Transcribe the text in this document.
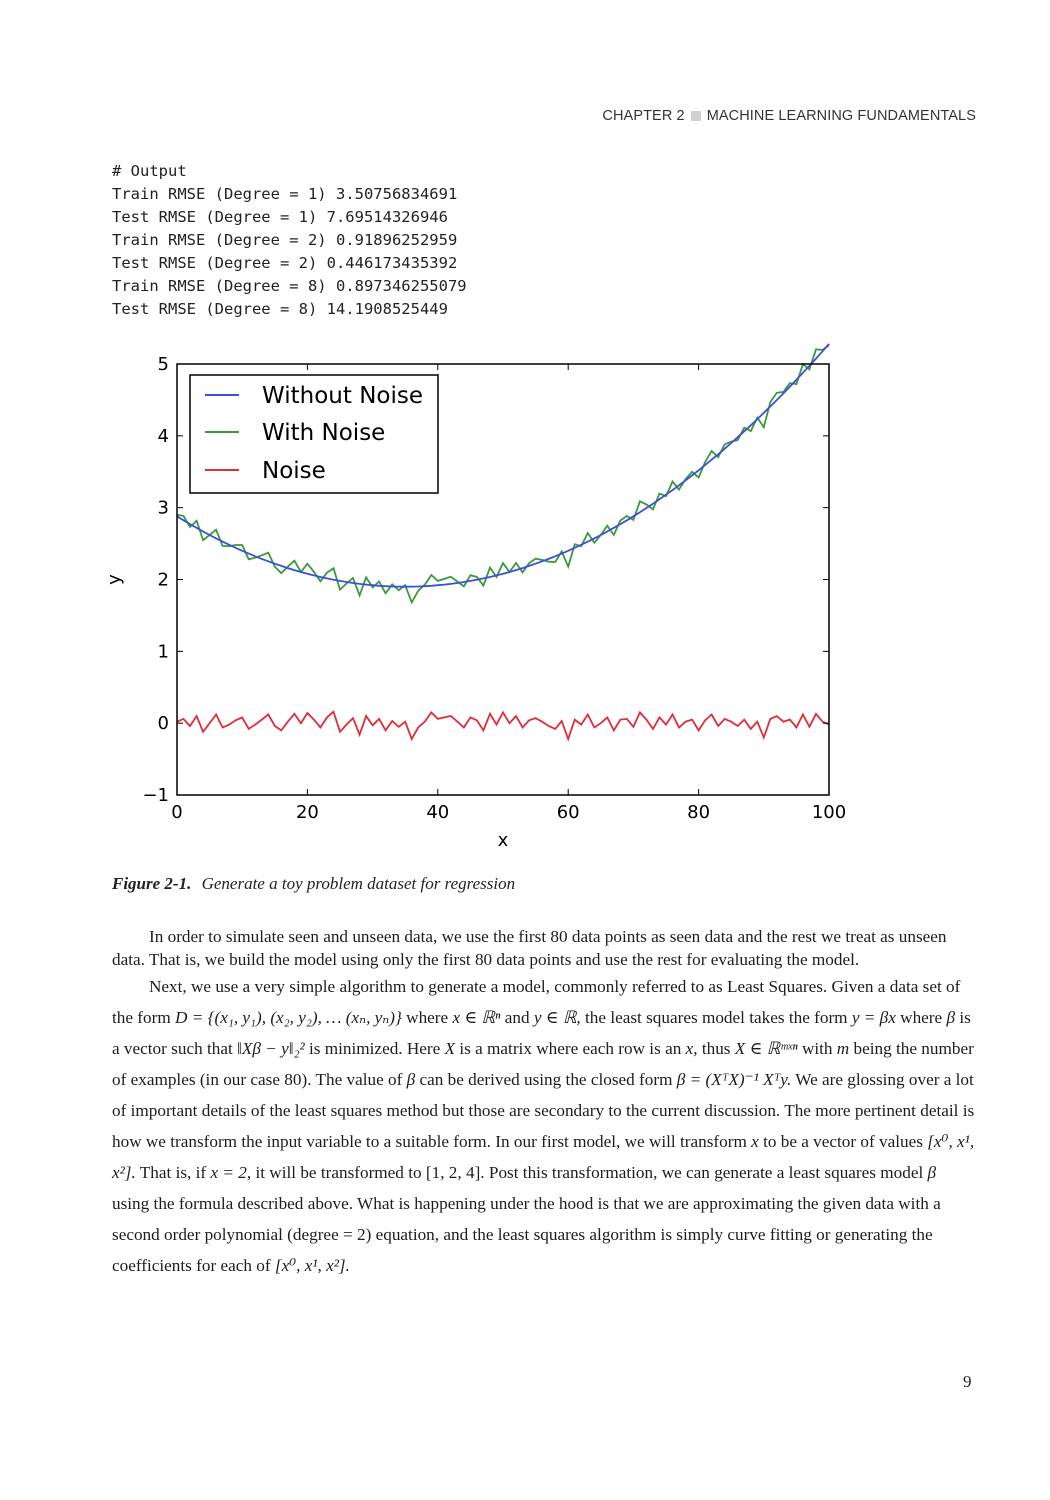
CHAPTER 2 MACHINE LEARNING FUNDAMENTALS
# Output
Train RMSE (Degree = 1) 3.50756834691
Test RMSE (Degree = 1) 7.69514326946
Train RMSE (Degree = 2) 0.91896252959
Test RMSE (Degree = 2) 0.446173435392
Train RMSE (Degree = 8) 0.897346255079
Test RMSE (Degree = 8) 14.1908525449
0	20	40	60	80	100
−1
0
1
2
3
4
5
x
y
Without Noise
With Noise
Noise
Figure 2-1. Generate a toy problem dataset for regression

In order to simulate seen and unseen data, we use the first 80 data points as seen data and the rest we treat as unseen data. That is, we build the model using only the first 80 data points and use the rest for evaluating the model.

Next, we use a very simple algorithm to generate a model, commonly referred to as Least Squares. Given a data set of the form D = {(x₁, y₁), (x₂, y₂), … (xₙ, yₙ)} where x ∈ ℝⁿ and y ∈ ℝ, the least squares model takes the form y = βx where β is a vector such that ‖Xβ − y‖₂² is minimized. Here X is a matrix where each row is an x, thus X ∈ ℝᵐˣⁿ with m being the number of examples (in our case 80). The value of β can be derived using the closed form β = (XᵀX)⁻¹ Xᵀy. We are glossing over a lot of important details of the least squares method but those are secondary to the current discussion. The more pertinent detail is how we transform the input variable to a suitable form. In our first model, we will transform x to be a vector of values [x⁰, x¹, x²]. That is, if x = 2, it will be transformed to [1, 2, 4]. Post this transformation, we can generate a least squares model β using the formula described above. What is happening under the hood is that we are approximating the given data with a second order polynomial (degree = 2) equation, and the least squares algorithm is simply curve fitting or generating the coefficients for each of [x⁰, x¹, x²].

9
